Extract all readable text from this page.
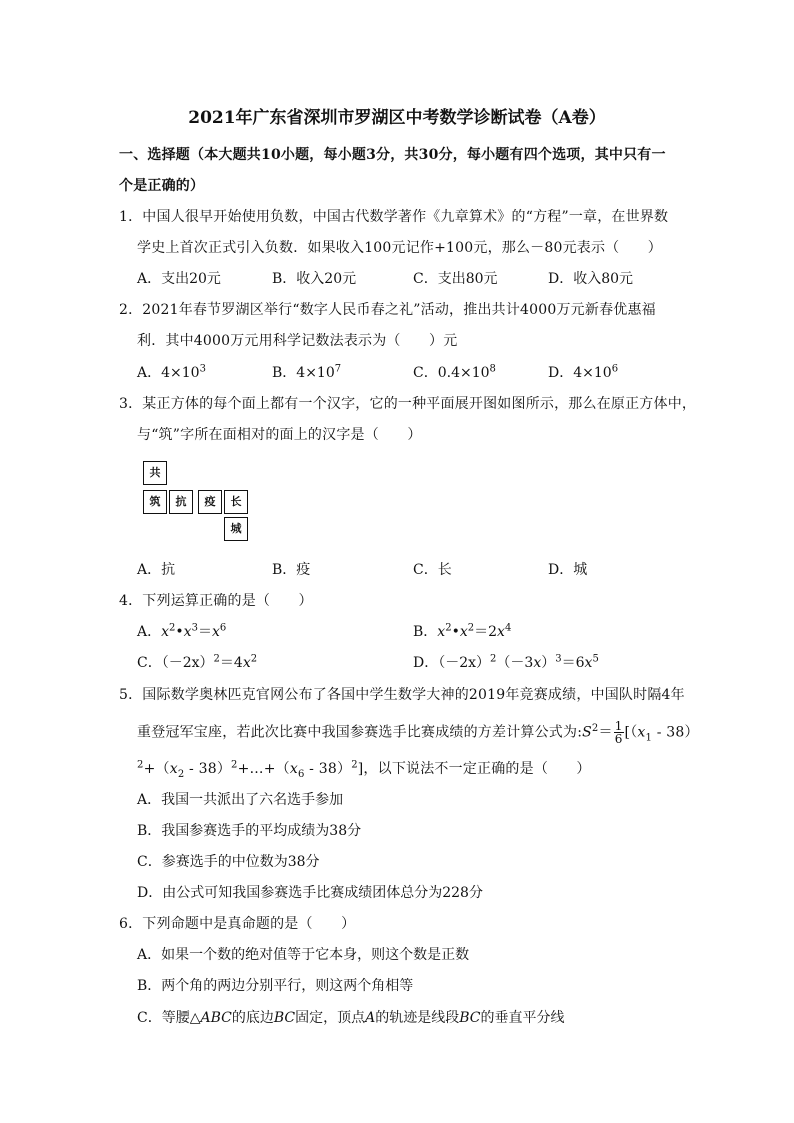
2021年广东省深圳市罗湖区中考数学诊断试卷（A卷）
一、选择题（本大题共10小题，每小题3分，共30分，每小题有四个选项，其中只有一
个是正确的）
1．中国人很早开始使用负数，中国古代数学著作《九章算术》的“方程”一章，在世界数
学史上首次正式引入负数．如果收入100元记作+100元，那么－80元表示（　　）
A．支出20元	B．收入20元	C．支出80元	D．收入80元
2．2021年春节罗湖区举行“数字人民币春之礼”活动，推出共计4000万元新春优惠福
利．其中4000万元用科学记数法表示为（　　）元
A．$4\times 10^3$	B．$4\times 10^7$	C．$0.4\times 10^8$	D．$4\times 10^6$
3．某正方体的每个面上都有一个汉字，它的一种平面展开图如图所示，那么在原正方体中，
与“筑”字所在面相对的面上的汉字是（　　）
共
筑	抗	疫	长
城
A．抗	B．疫	C．长	D．城
4．下列运算正确的是（　　）
A．$x^2•x^3=x^6$	B．$x^2•x^2=2x^4$
C．$(-2x)^2=4x^2$	D．$(-2x)^2(-3x)^3=6x^5$
5．国际数学奥林匹克官网公布了各国中学生数学大神的2019年竞赛成绩，中国队时隔4年
重登冠军宝座，若此次比赛中我国参赛选手比赛成绩的方差计算公式为$:S^2= \frac{1}{6} [(x_1 - 38)$
$^2+(x_2$ - $38)^2+\dots+(x_6 - 38)^2$]，以下说法不一定正确的是（　　）
A．我国一共派出了六名选手参加
B．我国参赛选手的平均成绩为38分
C．参赛选手的中位数为38分
D．由公式可知我国参赛选手比赛成绩团体总分为228分
6．下列命题中是真命题的是（　　）
A．如果一个数的绝对值等于它本身，则这个数是正数
B．两个角的两边分别平行，则这两个角相等
C．等腰△ABC的底边BC固定，顶点A的轨迹是线段BC的垂直平分线
